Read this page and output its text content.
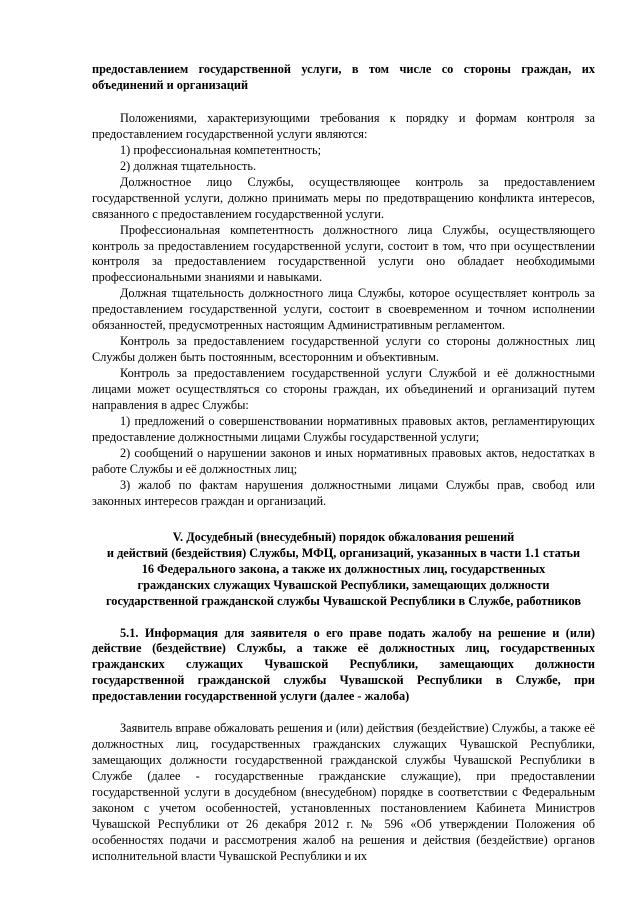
предоставлением государственной услуги, в том числе со стороны граждан, их объединений и организаций

Положениями, характеризующими требования к порядку и формам контроля за предоставлением государственной услуги являются:

1) профессиональная компетентность;

2) должная тщательность.

Должностное лицо Службы, осуществляющее контроль за предоставлением государственной услуги, должно принимать меры по предотвращению конфликта интересов, связанного с предоставлением государственной услуги.

Профессиональная компетентность должностного лица Службы, осуществляющего контроль за предоставлением государственной услуги, состоит в том, что при осуществлении контроля за предоставлением государственной услуги оно обладает необходимыми профессиональными знаниями и навыками.

Должная тщательность должностного лица Службы, которое осуществляет контроль за предоставлением государственной услуги, состоит в своевременном и точном исполнении обязанностей, предусмотренных настоящим Административным регламентом.

Контроль за предоставлением государственной услуги со стороны должностных лиц Службы должен быть постоянным, всесторонним и объективным.

Контроль за предоставлением государственной услуги Службой и её должностными лицами может осуществляться со стороны граждан, их объединений и организаций путем направления в адрес Службы:

1) предложений о совершенствовании нормативных правовых актов, регламентирующих предоставление должностными лицами Службы государственной услуги;

2) сообщений о нарушении законов и иных нормативных правовых актов, недостатках в работе Службы и её должностных лиц;

3) жалоб по фактам нарушения должностными лицами Службы прав, свобод или законных интересов граждан и организаций.

V. Досудебный (внесудебный) порядок обжалования решений

и действий (бездействия) Службы, МФЦ, организаций, указанных в части 1.1 статьи

16 Федерального закона, а также их должностных лиц, государственных

гражданских служащих Чувашской Республики, замещающих должности

государственной гражданской службы Чувашской Республики в Службе, работников

5.1. Информация для заявителя о его праве подать жалобу на решение и (или) действие (бездействие) Службы, а также её должностных лиц, государственных гражданских служащих Чувашской Республики, замещающих должности государственной гражданской службы Чувашской Республики в Службе, при предоставлении государственной услуги (далее - жалоба)

Заявитель вправе обжаловать решения и (или) действия (бездействие) Службы, а также её должностных лиц, государственных гражданских служащих Чувашской Республики, замещающих должности государственной гражданской службы Чувашской Республики в Службе (далее - государственные гражданские служащие), при предоставлении государственной услуги в досудебном (внесудебном) порядке в соответствии с Федеральным законом с учетом особенностей, установленных постановлением Кабинета Министров Чувашской Республики от 26 декабря 2012 г. № 596 «Об утверждении Положения об особенностях подачи и рассмотрения жалоб на решения и действия (бездействие) органов исполнительной власти Чувашской Республики и их
